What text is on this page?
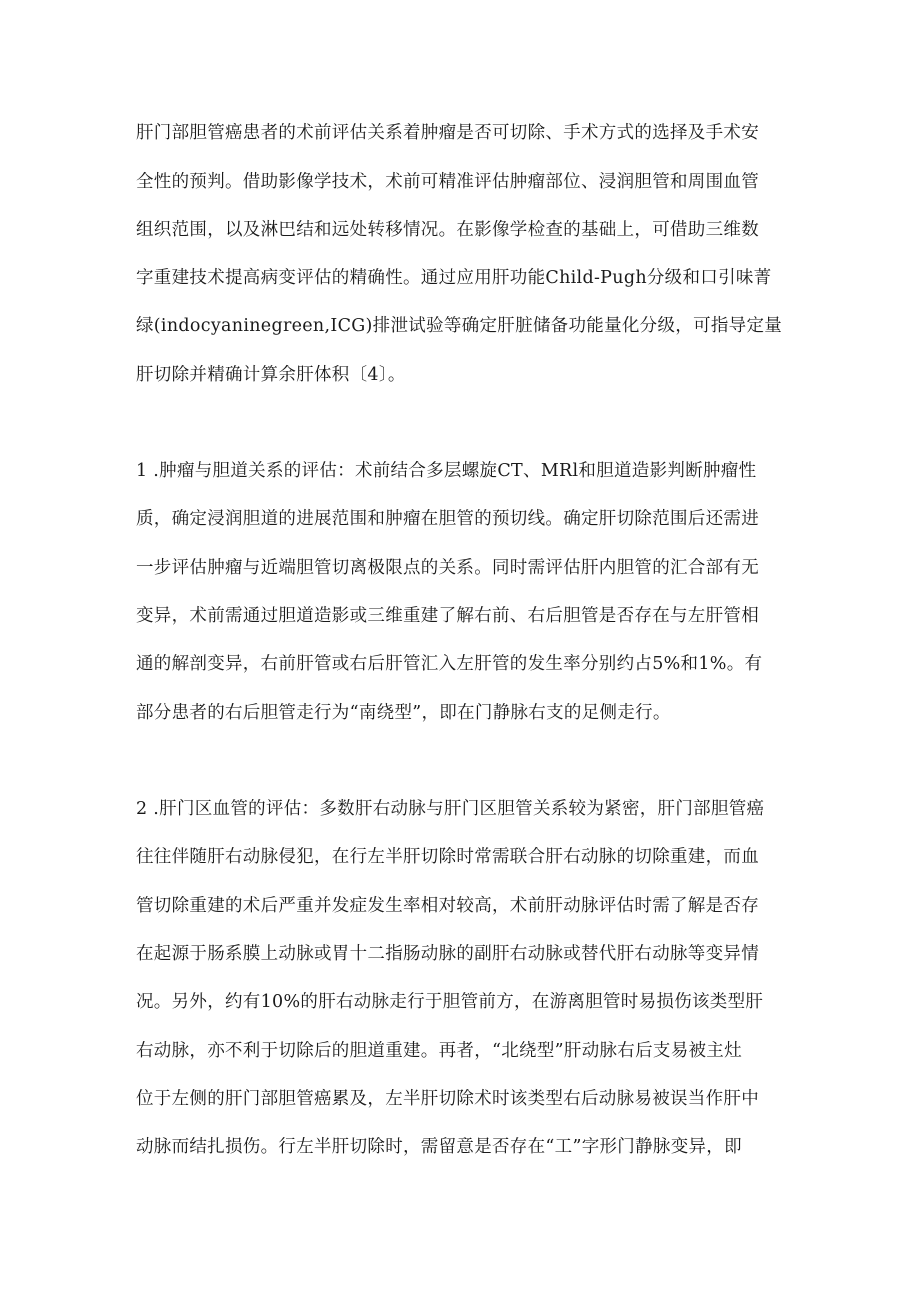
肝门部胆管癌患者的术前评估关系着肿瘤是否可切除、手术方式的选择及手术安
全性的预判。借助影像学技术，术前可精准评估肿瘤部位、浸润胆管和周围血管
组织范围，以及淋巴结和远处转移情况。在影像学检查的基础上，可借助三维数
字重建技术提高病变评估的精确性。通过应用肝功能Child-Pugh分级和口引味菁
绿(indocyaninegreen,ICG)排泄试验等确定肝脏储备功能量化分级，可指导定量
肝切除并精确计算余肝体积〔4〕。
1 .肿瘤与胆道关系的评估：术前结合多层螺旋CT、MRl和胆道造影判断肿瘤性
质，确定浸润胆道的进展范围和肿瘤在胆管的预切线。确定肝切除范围后还需进
一步评估肿瘤与近端胆管切离极限点的关系。同时需评估肝内胆管的汇合部有无
变异，术前需通过胆道造影或三维重建了解右前、右后胆管是否存在与左肝管相
通的解剖变异，右前肝管或右后肝管汇入左肝管的发生率分别约占5%和1%。有
部分患者的右后胆管走行为“南绕型”，即在门静脉右支的足侧走行。
2 .肝门区血管的评估：多数肝右动脉与肝门区胆管关系较为紧密，肝门部胆管癌
往往伴随肝右动脉侵犯，在行左半肝切除时常需联合肝右动脉的切除重建，而血
管切除重建的术后严重并发症发生率相对较高，术前肝动脉评估时需了解是否存
在起源于肠系膜上动脉或胃十二指肠动脉的副肝右动脉或替代肝右动脉等变异情
况。另外，约有10%的肝右动脉走行于胆管前方，在游离胆管时易损伤该类型肝
右动脉，亦不利于切除后的胆道重建。再者，“北绕型”肝动脉右后支易被主灶
位于左侧的肝门部胆管癌累及，左半肝切除术时该类型右后动脉易被误当作肝中
动脉而结扎损伤。行左半肝切除时，需留意是否存在“工”字形门静脉变异，即
